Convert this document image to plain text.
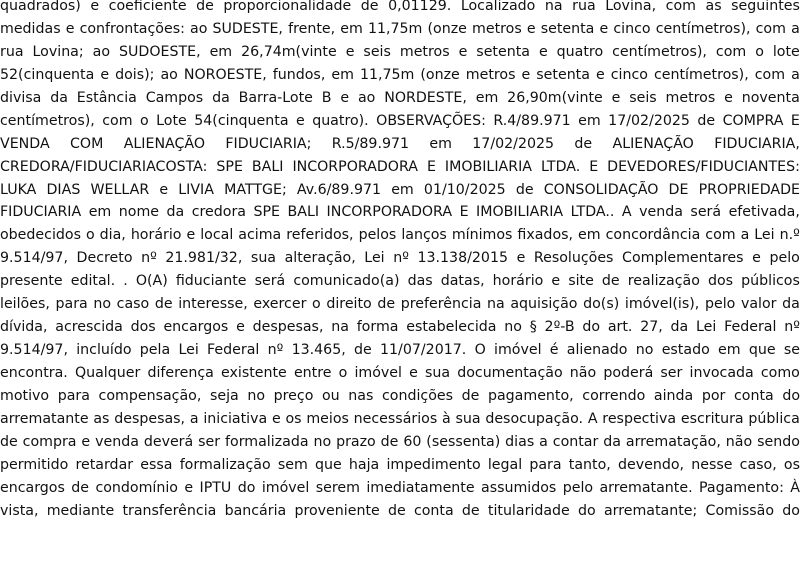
quadrados) e coeficiente de proporcionalidade de 0,01129. Localizado na rua Lovina, com as seguintes
medidas e confrontações: ao SUDESTE, frente, em 11,75m (onze metros e setenta e cinco centímetros), com a
rua Lovina; ao SUDOESTE, em 26,74m(vinte e seis metros e setenta e quatro centímetros), com o lote
52(cinquenta e dois); ao NOROESTE, fundos, em 11,75m (onze metros e setenta e cinco centímetros), com a
divisa da Estância Campos da Barra-Lote B e ao NORDESTE, em 26,90m(vinte e seis metros e noventa
centímetros), com o Lote 54(cinquenta e quatro). OBSERVAÇÕES: R.4/89.971 em 17/02/2025 de COMPRA E
VENDA COM ALIENAÇÃO FIDUCIARIA; R.5/89.971 em 17/02/2025 de ALIENAÇÃO FIDUCIARIA,
CREDORA/FIDUCIARIACOSTA: SPE BALI INCORPORADORA E IMOBILIARIA LTDA. E DEVEDORES/FIDUCIANTES:
LUKA DIAS WELLAR e LIVIA MATTGE; Av.6/89.971 em 01/10/2025 de CONSOLIDAÇÃO DE PROPRIEDADE
FIDUCIARIA em nome da credora SPE BALI INCORPORADORA E IMOBILIARIA LTDA.. A venda será efetivada,
obedecidos o dia, horário e local acima referidos, pelos lanços mínimos fixados, em concordância com a Lei n.º
9.514/97, Decreto nº 21.981/32, sua alteração, Lei nº 13.138/2015 e Resoluções Complementares e pelo
presente edital. . O(A) fiduciante será comunicado(a) das datas, horário e site de realização dos públicos
leilões, para no caso de interesse, exercer o direito de preferência na aquisição do(s) imóvel(is), pelo valor da
dívida, acrescida dos encargos e despesas, na forma estabelecida no § 2º-B do art. 27, da Lei Federal nº
9.514/97, incluído pela Lei Federal nº 13.465, de 11/07/2017. O imóvel é alienado no estado em que se
encontra. Qualquer diferença existente entre o imóvel e sua documentação não poderá ser invocada como
motivo para compensação, seja no preço ou nas condições de pagamento, correndo ainda por conta do
arrematante as despesas, a iniciativa e os meios necessários à sua desocupação. A respectiva escritura pública
de compra e venda deverá ser formalizada no prazo de 60 (sessenta) dias a contar da arrematação, não sendo
permitido retardar essa formalização sem que haja impedimento legal para tanto, devendo, nesse caso, os
encargos de condomínio e IPTU do imóvel serem imediatamente assumidos pelo arrematante. Pagamento: À
vista, mediante transferência bancária proveniente de conta de titularidade do arrematante; Comissão do
